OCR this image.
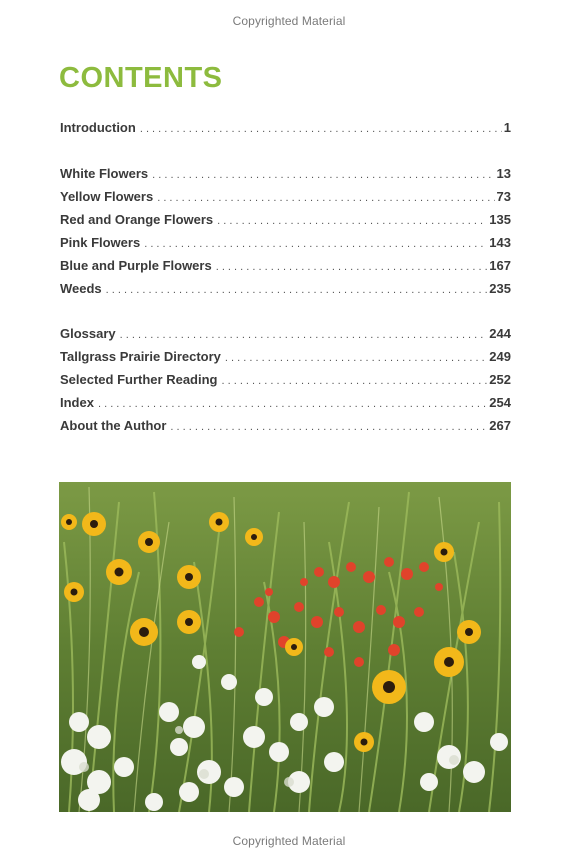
Copyrighted Material
CONTENTS
Introduction . . .	1
White Flowers . . .	13
Yellow Flowers . . .	73
Red and Orange Flowers . . .	135
Pink Flowers . . .	143
Blue and Purple Flowers . . .	167
Weeds . . .	235
Glossary . . .	244
Tallgrass Prairie Directory . . .	249
Selected Further Reading . . .	252
Index . . .	254
About the Author . . .	267
Copyrighted Material
